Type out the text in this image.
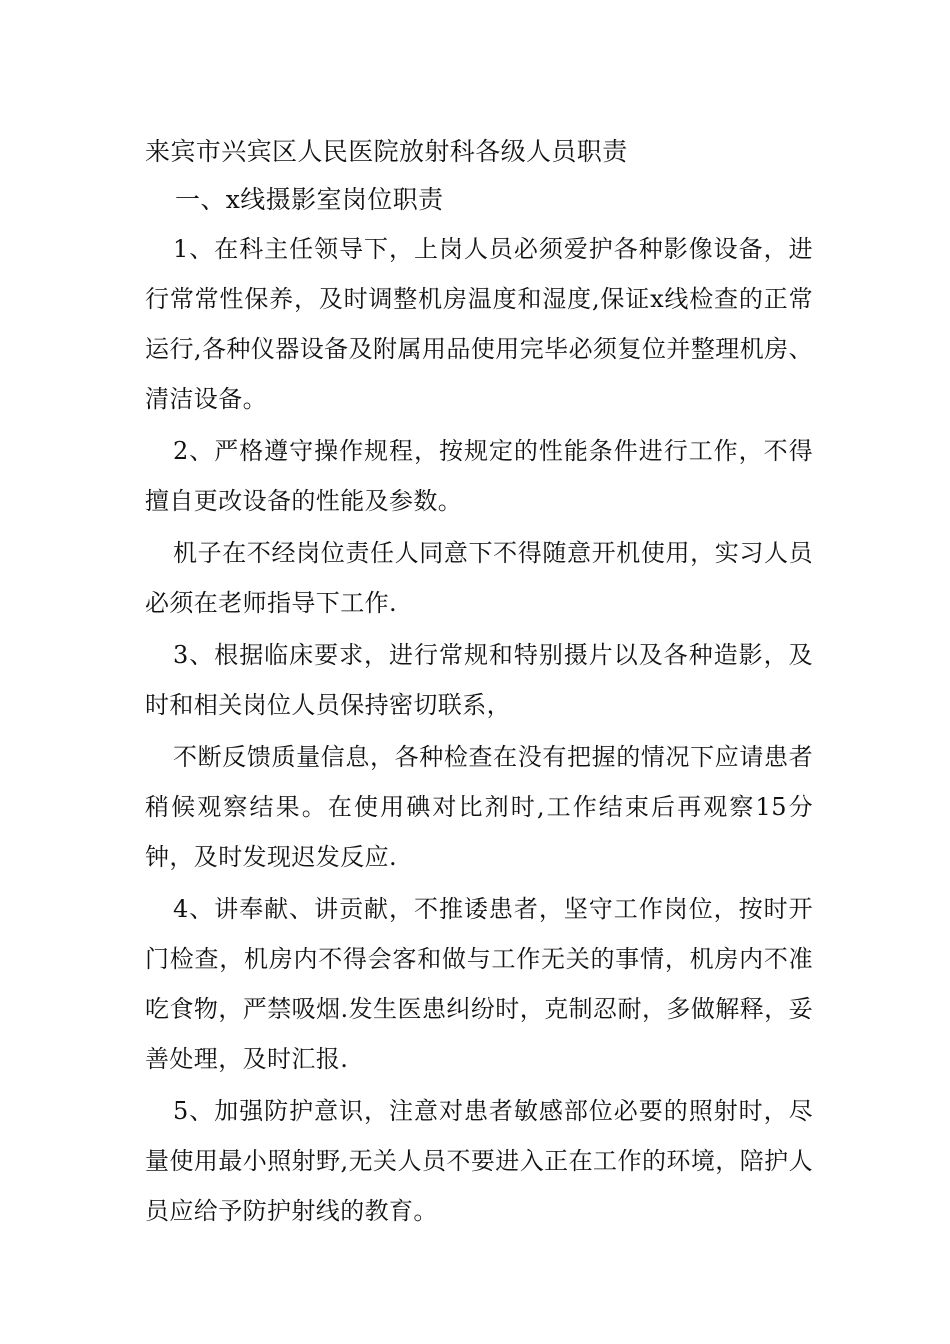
来宾市兴宾区人民医院放射科各级人员职责
一、x线摄影室岗位职责

1、在科主任领导下，上岗人员必须爱护各种影像设备，进行常常性保养，及时调整机房温度和湿度,保证x线检查的正常运行,各种仪器设备及附属用品使用完毕必须复位并整理机房、清洁设备。

2、严格遵守操作规程，按规定的性能条件进行工作，不得擅自更改设备的性能及参数。

机子在不经岗位责任人同意下不得随意开机使用，实习人员必须在老师指导下工作.

3、根据临床要求，进行常规和特别摄片以及各种造影，及时和相关岗位人员保持密切联系，

不断反馈质量信息，各种检查在没有把握的情况下应请患者稍候观察结果。在使用碘对比剂时,工作结束后再观察15分钟，及时发现迟发反应.

4、讲奉献、讲贡献，不推诿患者，坚守工作岗位，按时开门检查，机房内不得会客和做与工作无关的事情，机房内不准吃食物，严禁吸烟.发生医患纠纷时，克制忍耐，多做解释，妥善处理，及时汇报.

5、加强防护意识，注意对患者敏感部位必要的照射时，尽量使用最小照射野,无关人员不要进入正在工作的环境，陪护人员应给予防护射线的教育。
